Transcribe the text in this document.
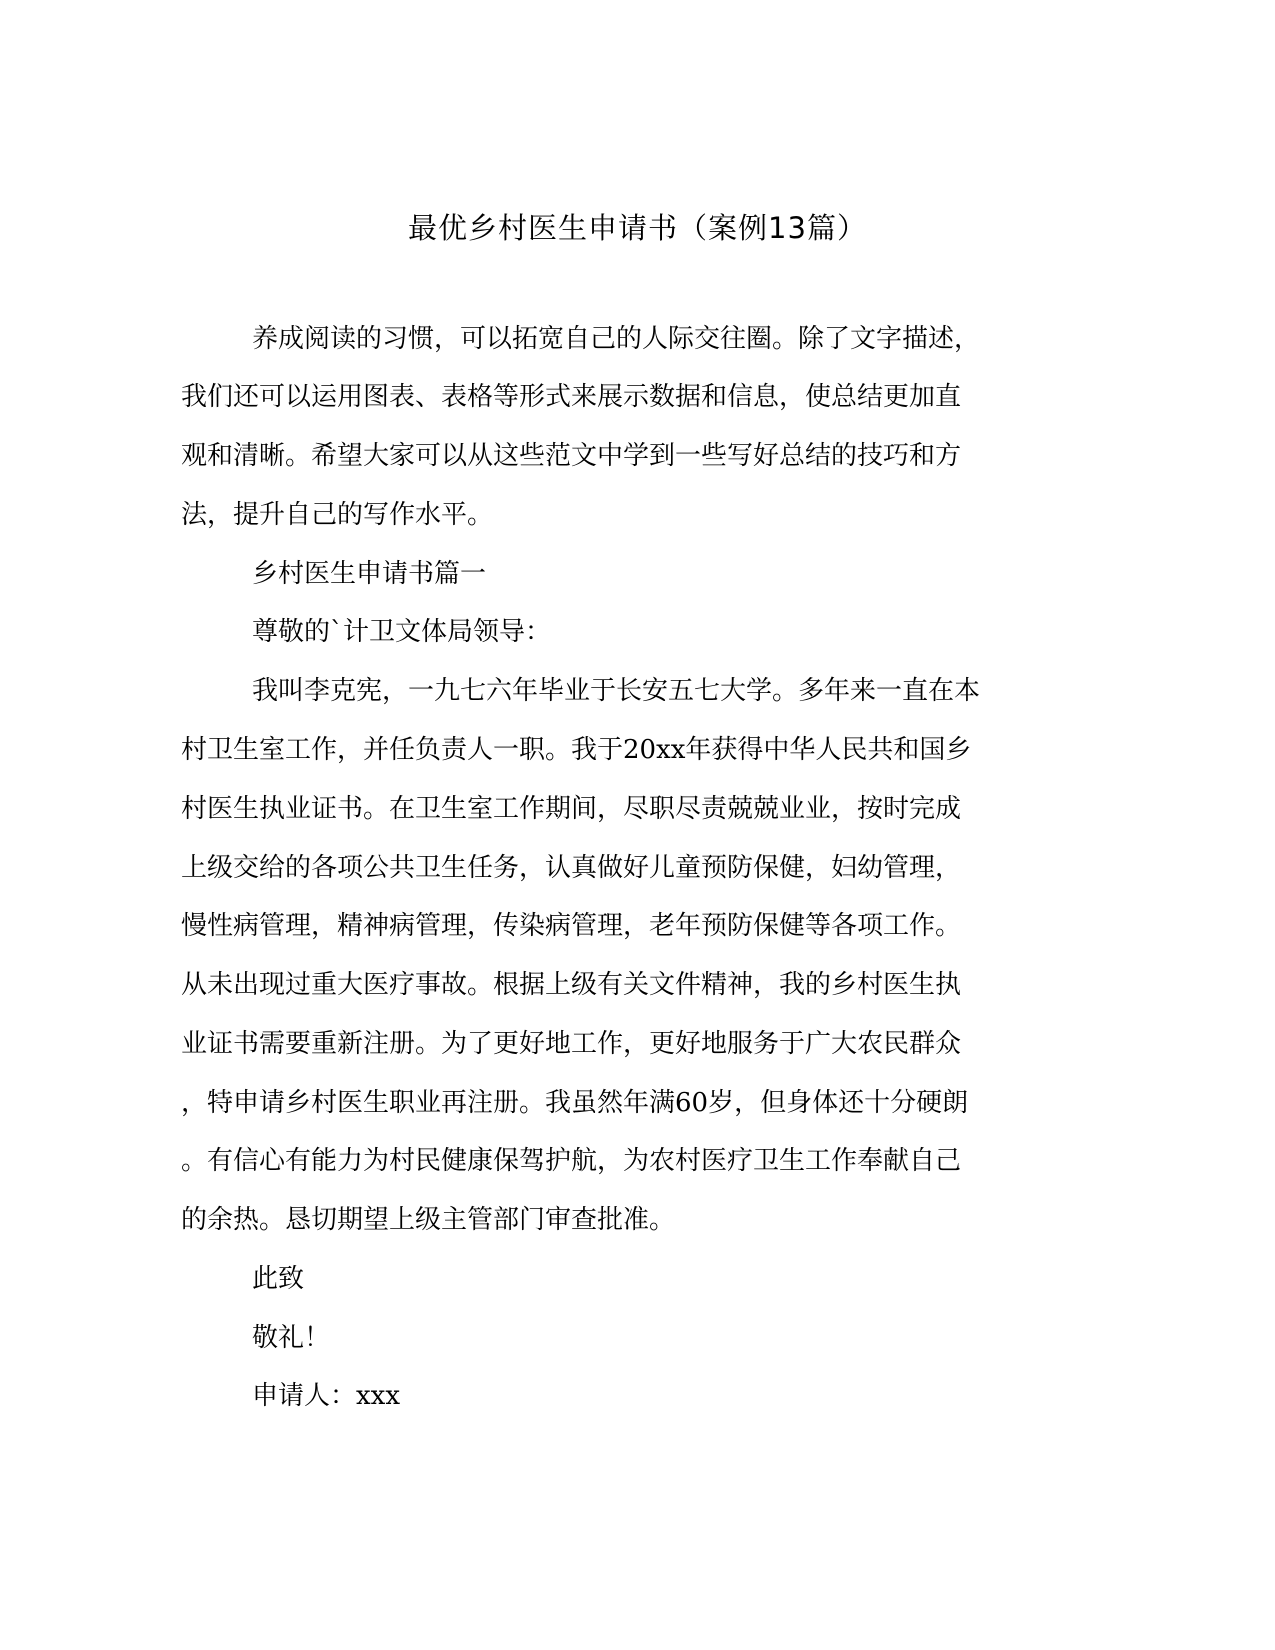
最优乡村医生申请书（案例13篇）
养成阅读的习惯，可以拓宽自己的人际交往圈。除了文字描述，
我们还可以运用图表、表格等形式来展示数据和信息，使总结更加直
观和清晰。希望大家可以从这些范文中学到一些写好总结的技巧和方
法，提升自己的写作水平。
乡村医生申请书篇一
尊敬的`计卫文体局领导：
我叫李克宪，一九七六年毕业于长安五七大学。多年来一直在本
村卫生室工作，并任负责人一职。我于20xx年获得中华人民共和国乡
村医生执业证书。在卫生室工作期间，尽职尽责兢兢业业，按时完成
上级交给的各项公共卫生任务，认真做好儿童预防保健，妇幼管理，
慢性病管理，精神病管理，传染病管理，老年预防保健等各项工作。
从未出现过重大医疗事故。根据上级有关文件精神，我的乡村医生执
业证书需要重新注册。为了更好地工作，更好地服务于广大农民群众
，特申请乡村医生职业再注册。我虽然年满60岁，但身体还十分硬朗
。有信心有能力为村民健康保驾护航，为农村医疗卫生工作奉献自己
的余热。恳切期望上级主管部门审查批准。
此致
敬礼！
申请人：xxx
